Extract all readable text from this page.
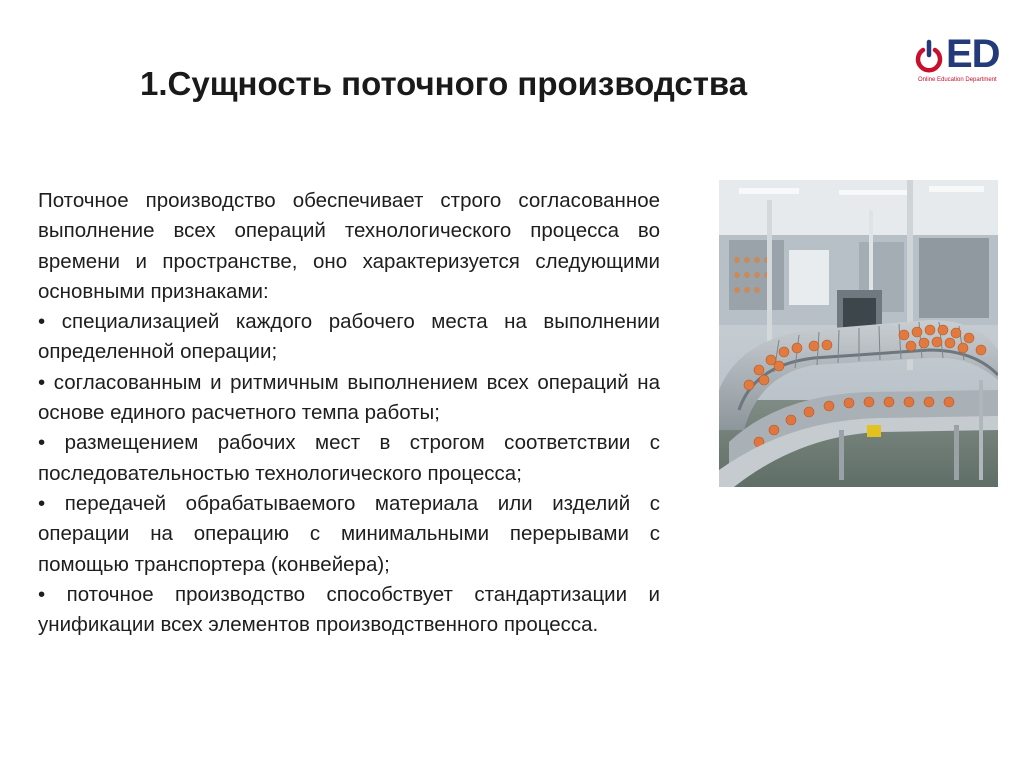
1.Сущность поточного производства
ED
Online Education Department

Поточное производство обеспечивает строго согласованное выполнение всех операций технологического процесса во времени и пространстве, оно характеризуется следующими основными признаками:

• специализацией каждого рабочего места на выполнении определенной операции;

• согласованным и ритмичным выполнением всех операций на основе единого расчетного темпа работы;

• размещением рабочих мест в строгом соответствии с последовательностью технологического процесса;

• передачей обрабатываемого материала или изделий с операции на операцию с минимальными перерывами с помощью транспортера (конвейера);

• поточное производство способствует стандартизации и унификации всех элементов производственного процесса.
